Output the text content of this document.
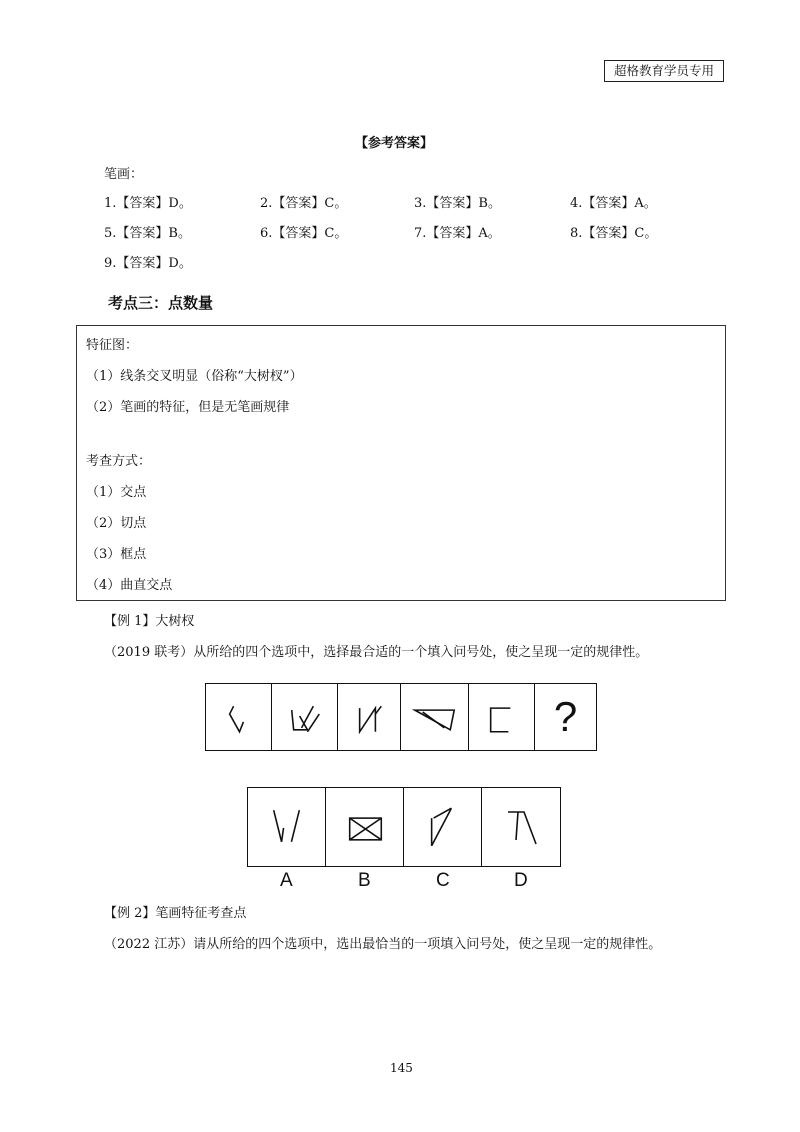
超格教育学员专用
【参考答案】
笔画：
1.【答案】D。	2.【答案】C。	3.【答案】B。	4.【答案】A。
5.【答案】B。	6.【答案】C。	7.【答案】A。	8.【答案】C。
9.【答案】D。
考点三：点数量
特征图：
（1）线条交叉明显（俗称“大树杈”）
（2）笔画的特征，但是无笔画规律
考查方式：
（1）交点
（2）切点
（3）框点
（4）曲直交点
【例 1】大树杈
（2019 联考）从所给的四个选项中，选择最合适的一个填入问号处，使之呈现一定的规律性。
?
A	B	C	D
【例 2】笔画特征考查点
（2022 江苏）请从所给的四个选项中，选出最恰当的一项填入问号处，使之呈现一定的规律性。
145
